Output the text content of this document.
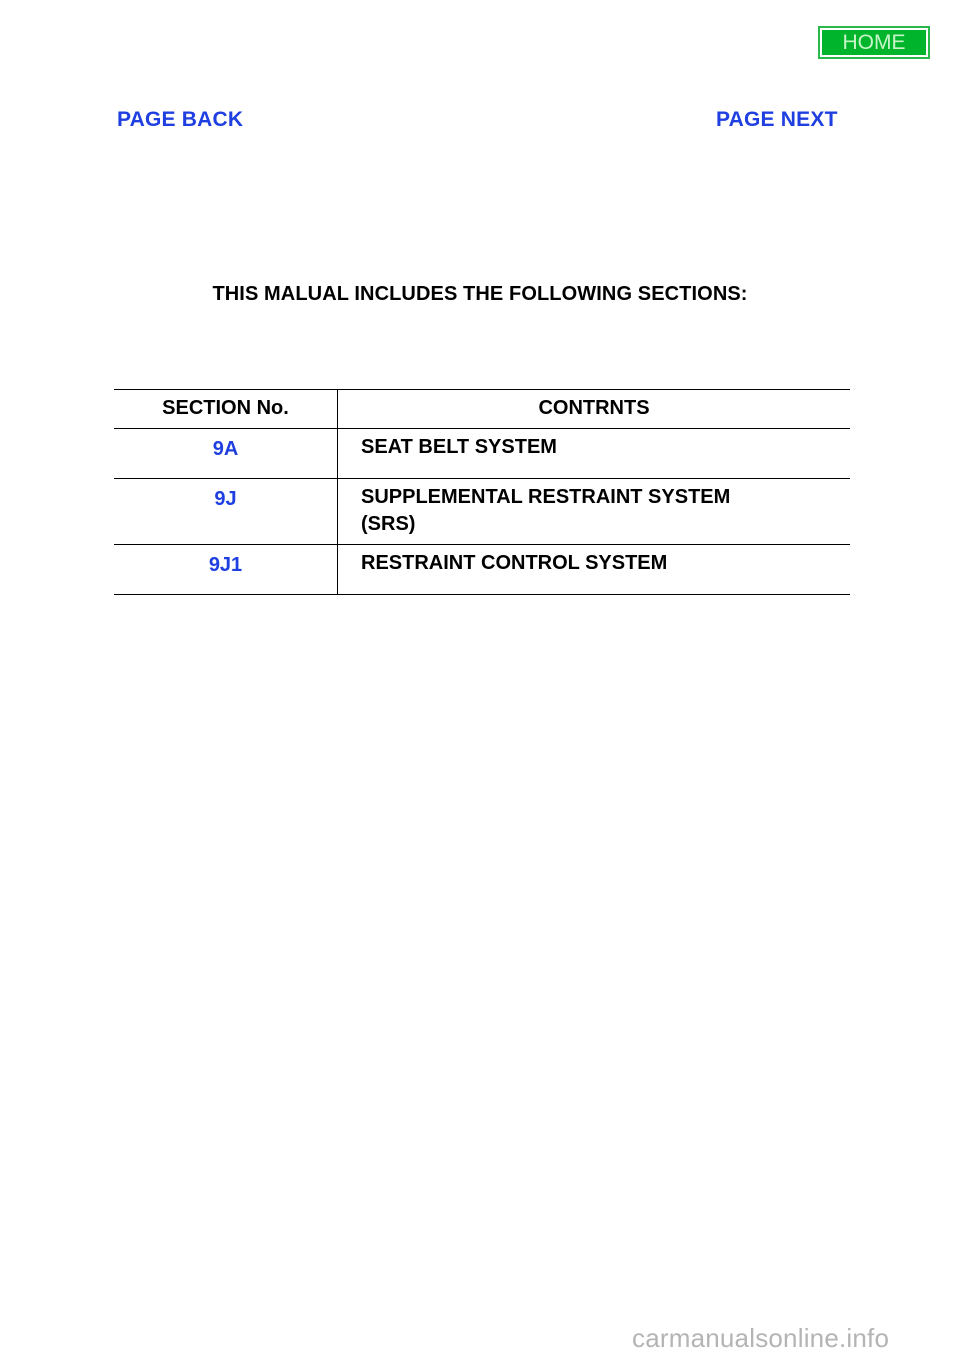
HOME
PAGE BACK	PAGE NEXT
THIS MALUAL INCLUDES THE FOLLOWING SECTIONS:
SECTION No.	CONTRNTS
9A	SEAT BELT SYSTEM

9J	SUPPLEMENTAL RESTRAINT SYSTEM
(SRS)

9J1	RESTRAINT CONTROL SYSTEM
carmanualsonline.info
